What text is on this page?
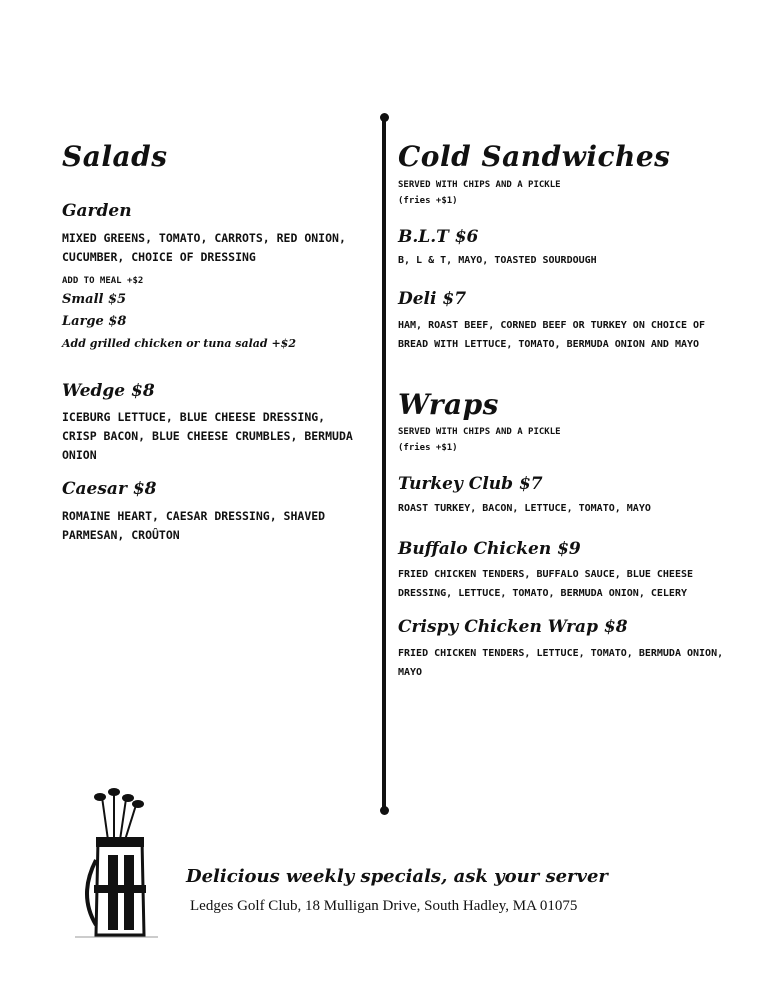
Salads
Garden

MIXED GREENS, TOMATO, CARROTS, RED ONION, CUCUMBER, CHOICE OF DRESSING

ADD TO MEAL +$2

Small $5

Large $8

Add grilled chicken or tuna salad +$2

Wedge $8

ICEBURG LETTUCE, BLUE CHEESE DRESSING, CRISP BACON, BLUE CHEESE CRUMBLES, BERMUDA ONION

Caesar $8

ROMAINE HEART, CAESAR DRESSING, SHAVED PARMESAN, CROÛTON

Cold Sandwiches

SERVED WITH CHIPS AND A PICKLE

(fries +$1)

B.L.T $6

B, L & T, MAYO, TOASTED SOURDOUGH

Deli $7

HAM, ROAST BEEF, CORNED BEEF OR TURKEY ON CHOICE OF BREAD WITH LETTUCE, TOMATO, BERMUDA ONION AND MAYO

Wraps

SERVED WITH CHIPS AND A PICKLE

(fries +$1)

Turkey Club $7

ROAST TURKEY, BACON, LETTUCE, TOMATO, MAYO

Buffalo Chicken $9

FRIED CHICKEN TENDERS, BUFFALO SAUCE, BLUE CHEESE DRESSING, LETTUCE, TOMATO, BERMUDA ONION, CELERY

Crispy Chicken Wrap $8

FRIED CHICKEN TENDERS, LETTUCE, TOMATO, BERMUDA ONION, MAYO

Delicious weekly specials, ask your server
Ledges Golf Club, 18 Mulligan Drive, South Hadley, MA 01075
